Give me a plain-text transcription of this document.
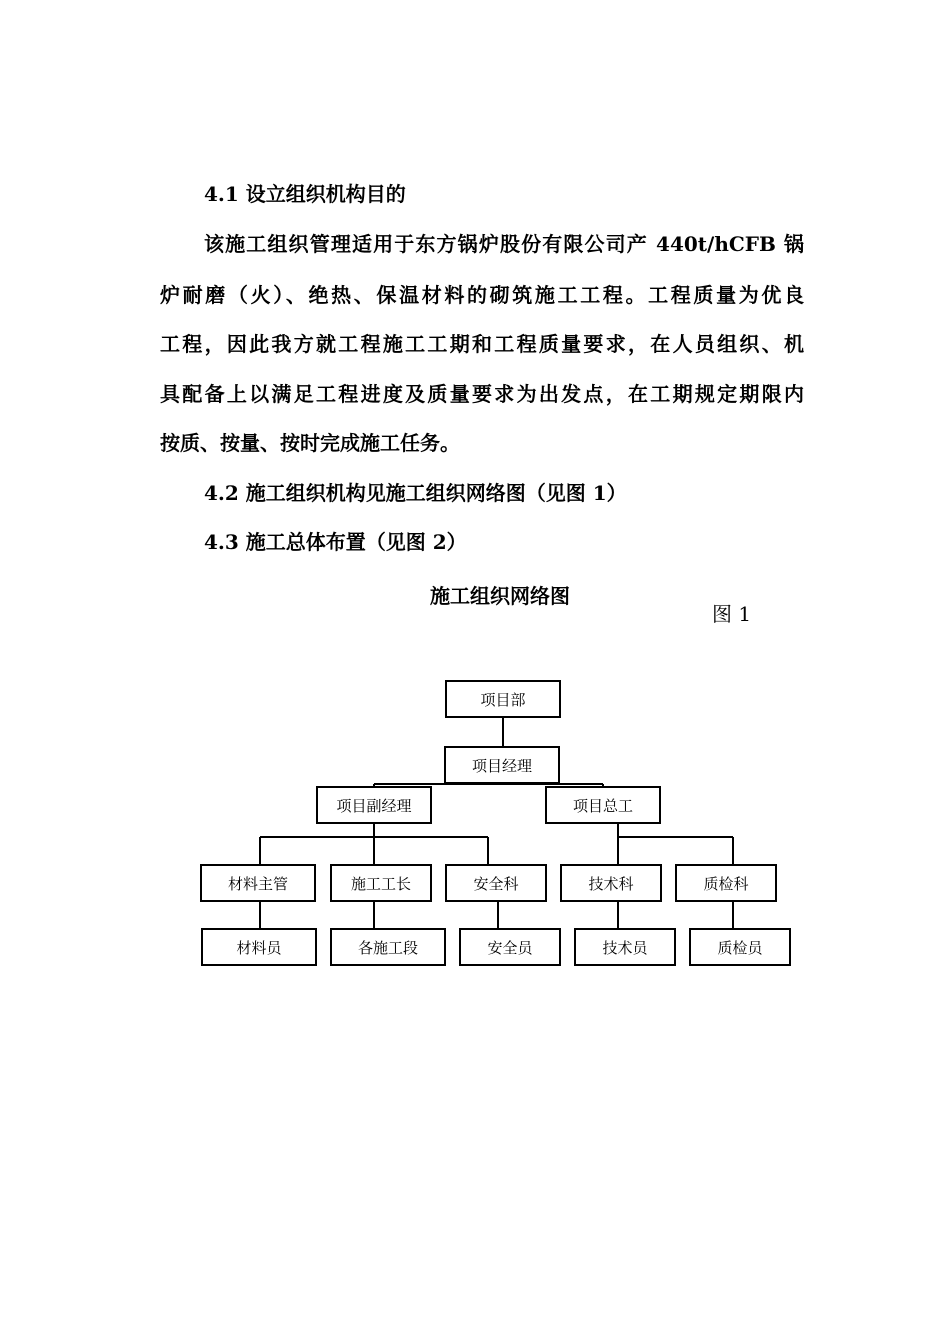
4.1 设立组织机构目的
该施工组织管理适用于东方锅炉股份有限公司产 440t/hCFB 锅
炉耐磨（火）、绝热、保温材料的砌筑施工工程。工程质量为优良
工程，因此我方就工程施工工期和工程质量要求，在人员组织、机
具配备上以满足工程进度及质量要求为出发点，在工期规定期限内
按质、按量、按时完成施工任务。
4.2 施工组织机构见施工组织网络图（见图 1）
4.3 施工总体布置（见图 2）
施工组织网络图
图 1
项目部
项目经理
项目副经理	项目总工
材料主管	施工工长	安全科	技术科	质检科
材料员	各施工段	安全员	技术员	质检员
